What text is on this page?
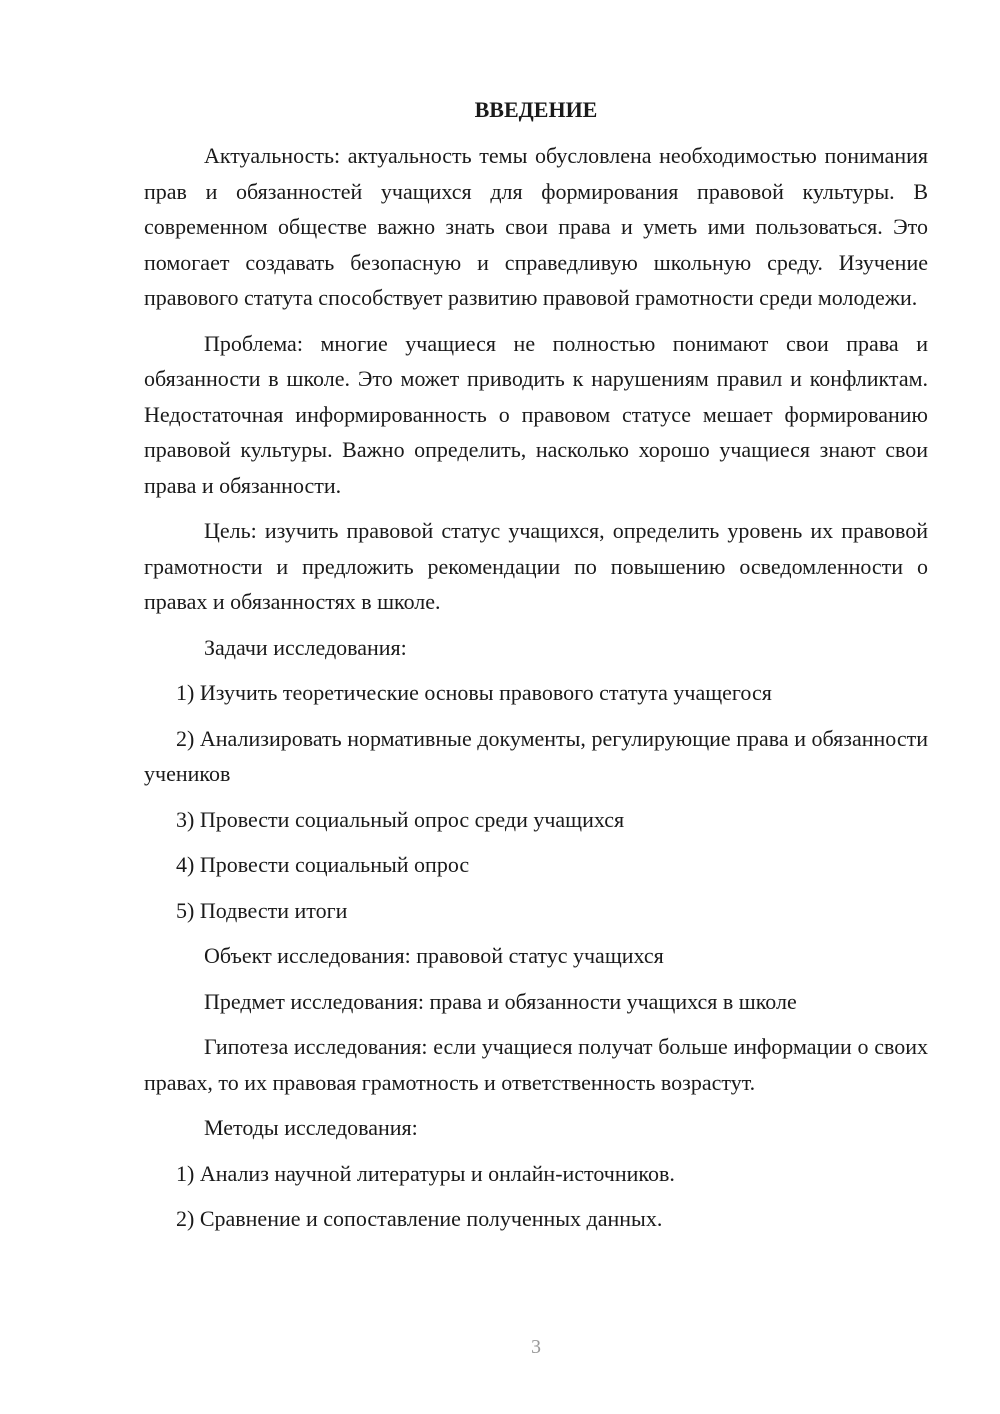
ВВЕДЕНИЕ

Актуальность: актуальность темы обусловлена необходимостью понимания прав и обязанностей учащихся для формирования правовой культуры. В современном обществе важно знать свои права и уметь ими пользоваться. Это помогает создавать безопасную и справедливую школьную среду. Изучение правового статута способствует развитию правовой грамотности среди молодежи.

Проблема: многие учащиеся не полностью понимают свои права и обязанности в школе. Это может приводить к нарушениям правил и конфликтам. Недостаточная информированность о правовом статусе мешает формированию правовой культуры. Важно определить, насколько хорошо учащиеся знают свои права и обязанности.

Цель: изучить правовой статус учащихся, определить уровень их правовой грамотности и предложить рекомендации по повышению осведомленности о правах и обязанностях в школе.

Задачи исследования:

1) Изучить теоретические основы правового статута учащегося

2) Анализировать нормативные документы, регулирующие права и обязанности учеников

3) Провести социальный опрос среди учащихся

4) Провести социальный опрос

5) Подвести итоги

Объект исследования: правовой статус учащихся

Предмет исследования: права и обязанности учащихся в школе

Гипотеза исследования: если учащиеся получат больше информации о своих правах, то их правовая грамотность и ответственность возрастут.

Методы исследования:

1) Анализ научной литературы и онлайн-источников.

2) Сравнение и сопоставление полученных данных.

3
